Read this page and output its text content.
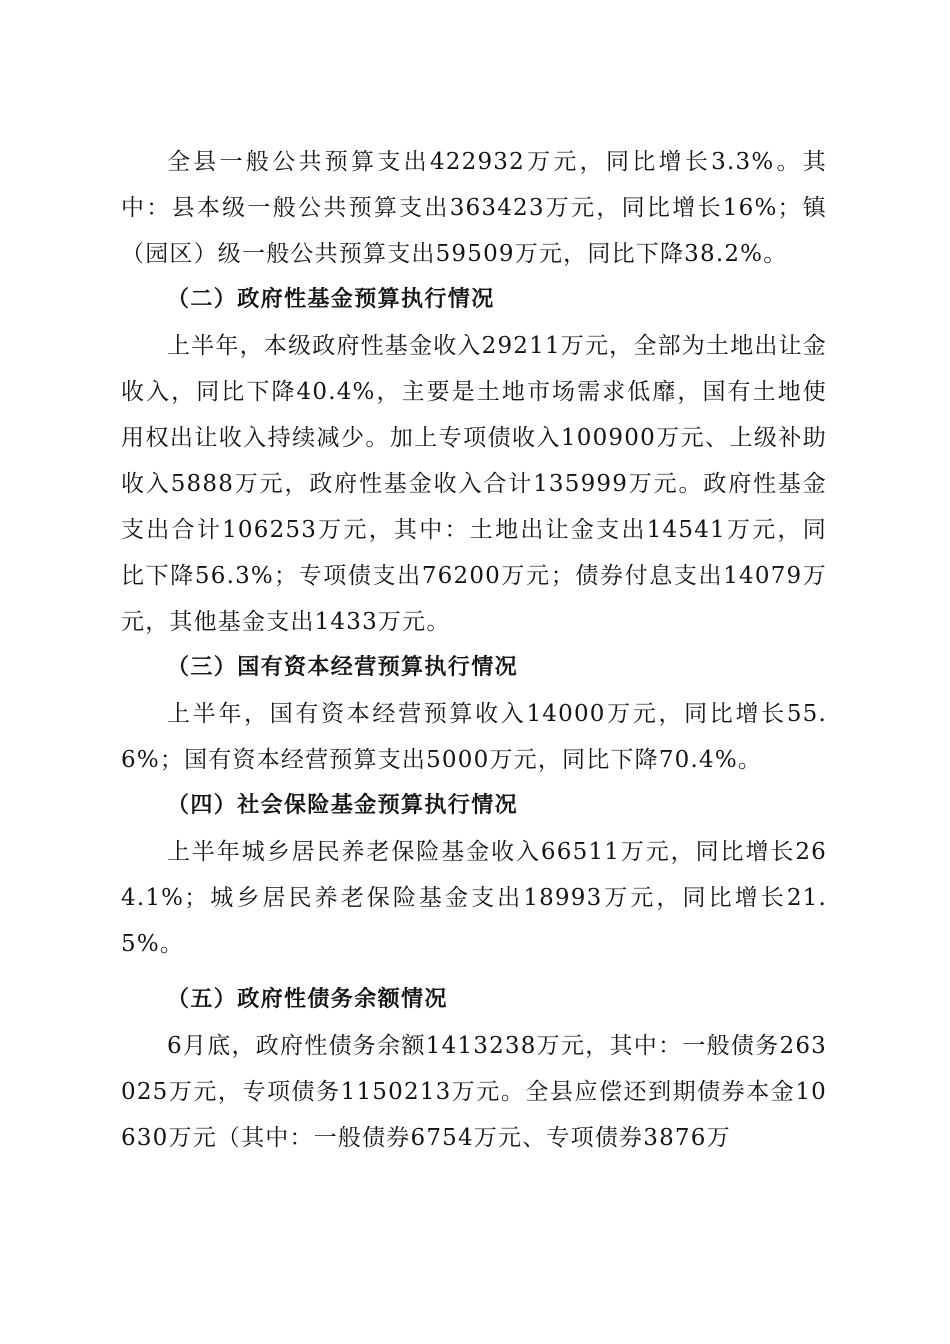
全县一般公共预算支出422932万元，同比增长3.3%。其中：县本级一般公共预算支出363423万元，同比增长16%；镇（园区）级一般公共预算支出59509万元，同比下降38.2%。

（二）政府性基金预算执行情况

上半年，本级政府性基金收入29211万元，全部为土地出让金收入，同比下降40.4%，主要是土地市场需求低靡，国有土地使用权出让收入持续减少。加上专项债收入100900万元、上级补助收入5888万元，政府性基金收入合计135999万元。政府性基金支出合计106253万元，其中：土地出让金支出14541万元，同比下降56.3%；专项债支出76200万元；债券付息支出14079万元，其他基金支出1433万元。

（三）国有资本经营预算执行情况

上半年，国有资本经营预算收入14000万元，同比增长55.6%；国有资本经营预算支出5000万元，同比下降70.4%。

（四）社会保险基金预算执行情况

上半年城乡居民养老保险基金收入66511万元，同比增长264.1%；城乡居民养老保险基金支出18993万元，同比增长21.5%。

（五）政府性债务余额情况

6月底，政府性债务余额1413238万元，其中：一般债务263025万元，专项债务1150213万元。全县应偿还到期债券本金10630万元（其中：一般债券6754万元、专项债券3876万
